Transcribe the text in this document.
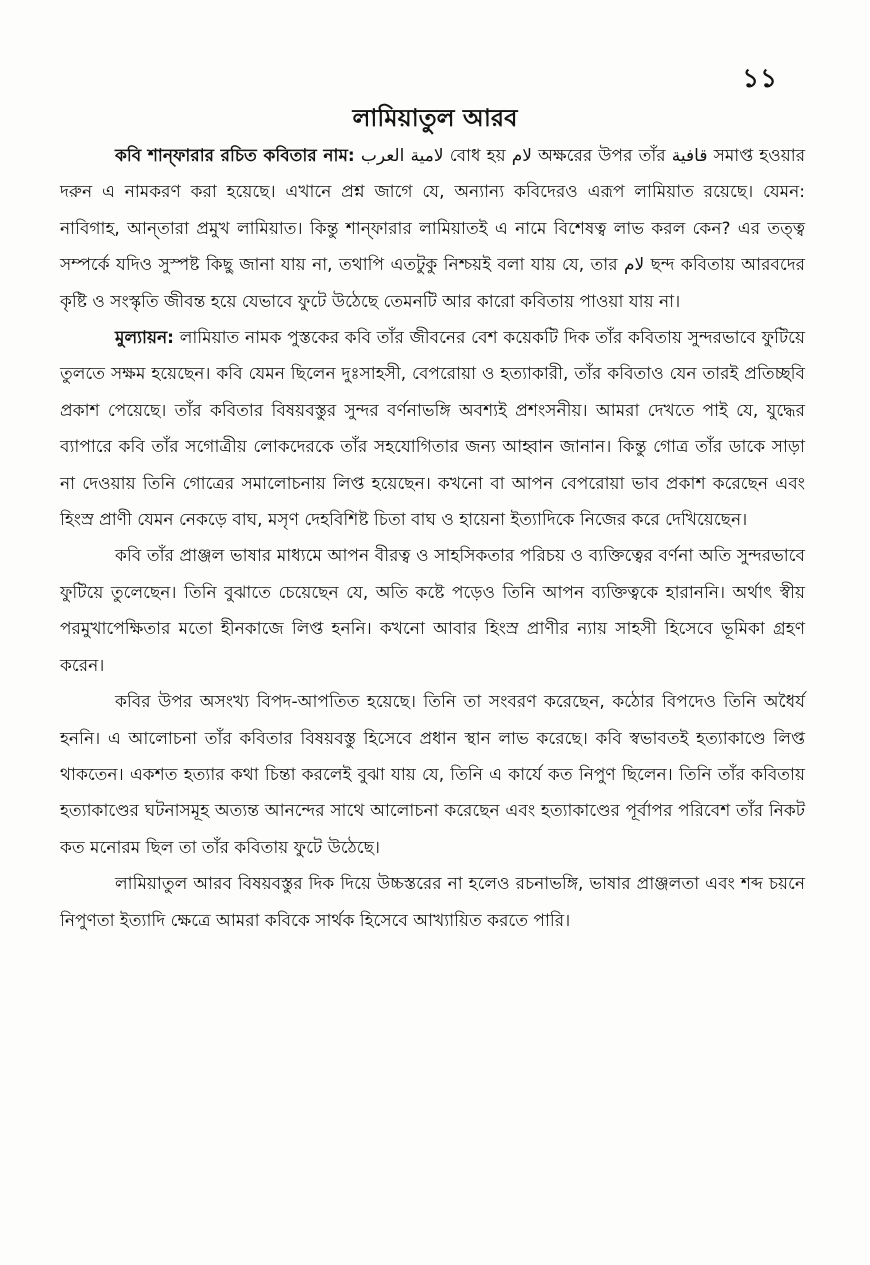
১১
লামিয়াতুল আরব

কবি শান্‌ফারার রচিত কবিতার নাম: لامية العرب বোধ হয় لام অক্ষরের উপর তাঁর قافية সমাপ্ত হওয়ার দরুন এ নামকরণ করা হয়েছে। এখানে প্রশ্ন জাগে যে, অন্যান্য কবিদেরও এরূপ লামিয়াত রয়েছে। যেমন: নাবিগাহ, আন্‌তারা প্রমুখ লামিয়াত। কিন্তু শান্‌ফারার লামিয়াতই এ নামে বিশেষত্ব লাভ করল কেন? এর তত্ত্ব সম্পর্কে যদিও সুস্পষ্ট কিছু জানা যায় না, তথাপি এতটুকু নিশ্চয়ই বলা যায় যে, তার لام ছন্দ কবিতায় আরবদের কৃষ্টি ও সংস্কৃতি জীবন্ত হয়ে যেভাবে ফুটে উঠেছে তেমনটি আর কারো কবিতায় পাওয়া যায় না।

মুল্যায়ন: লামিয়াত নামক পুস্তকের কবি তাঁর জীবনের বেশ কয়েকটি দিক তাঁর কবিতায় সুন্দরভাবে ফুটিয়ে তুলতে সক্ষম হয়েছেন। কবি যেমন ছিলেন দুঃসাহসী, বেপরোয়া ও হত্যাকারী, তাঁর কবিতাও যেন তারই প্রতিচ্ছবি প্রকাশ পেয়েছে। তাঁর কবিতার বিষয়বস্তুর সুন্দর বর্ণনাভঙ্গি অবশ্যই প্রশংসনীয়। আমরা দেখতে পাই যে, যুদ্ধের ব্যাপারে কবি তাঁর সগোত্রীয় লোকদেরকে তাঁর সহযোগিতার জন্য আহ্বান জানান। কিন্তু গোত্র তাঁর ডাকে সাড়া না দেওয়ায় তিনি গোত্রের সমালোচনায় লিপ্ত হয়েছেন। কখনো বা আপন বেপরোয়া ভাব প্রকাশ করেছেন এবং হিংস্র প্রাণী যেমন নেকড়ে বাঘ, মসৃণ দেহবিশিষ্ট চিতা বাঘ ও হায়েনা ইত্যাদিকে নিজের করে দেখিয়েছেন।

কবি তাঁর প্রাঞ্জল ভাষার মাধ্যমে আপন বীরত্ব ও সাহসিকতার পরিচয় ও ব্যক্তিত্বের বর্ণনা অতি সুন্দরভাবে ফুটিয়ে তুলেছেন। তিনি বুঝাতে চেয়েছেন যে, অতি কষ্টে পড়েও তিনি আপন ব্যক্তিত্বকে হারাননি। অর্থাৎ স্বীয় পরমুখাপেক্ষিতার মতো হীনকাজে লিপ্ত হননি। কখনো আবার হিংস্র প্রাণীর ন্যায় সাহসী হিসেবে ভূমিকা গ্রহণ করেন।

কবির উপর অসংখ্য বিপদ-আপতিত হয়েছে। তিনি তা সংবরণ করেছেন, কঠোর বিপদেও তিনি অধৈর্য হননি। এ আলোচনা তাঁর কবিতার বিষয়বস্তু হিসেবে প্রধান স্থান লাভ করেছে। কবি স্বভাবতই হত্যাকাণ্ডে লিপ্ত থাকতেন। একশত হত্যার কথা চিন্তা করলেই বুঝা যায় যে, তিনি এ কার্যে কত নিপুণ ছিলেন। তিনি তাঁর কবিতায় হত্যাকাণ্ডের ঘটনাসমূহ অত্যন্ত আনন্দের সাথে আলোচনা করেছেন এবং হত্যাকাণ্ডের পূর্বাপর পরিবেশ তাঁর নিকট কত মনোরম ছিল তা তাঁর কবিতায় ফুটে উঠেছে।

লামিয়াতুল আরব বিষয়বস্তুর দিক দিয়ে উচ্চস্তরের না হলেও রচনাভঙ্গি, ভাষার প্রাঞ্জলতা এবং শব্দ চয়নে নিপুণতা ইত্যাদি ক্ষেত্রে আমরা কবিকে সার্থক হিসেবে আখ্যায়িত করতে পারি।
